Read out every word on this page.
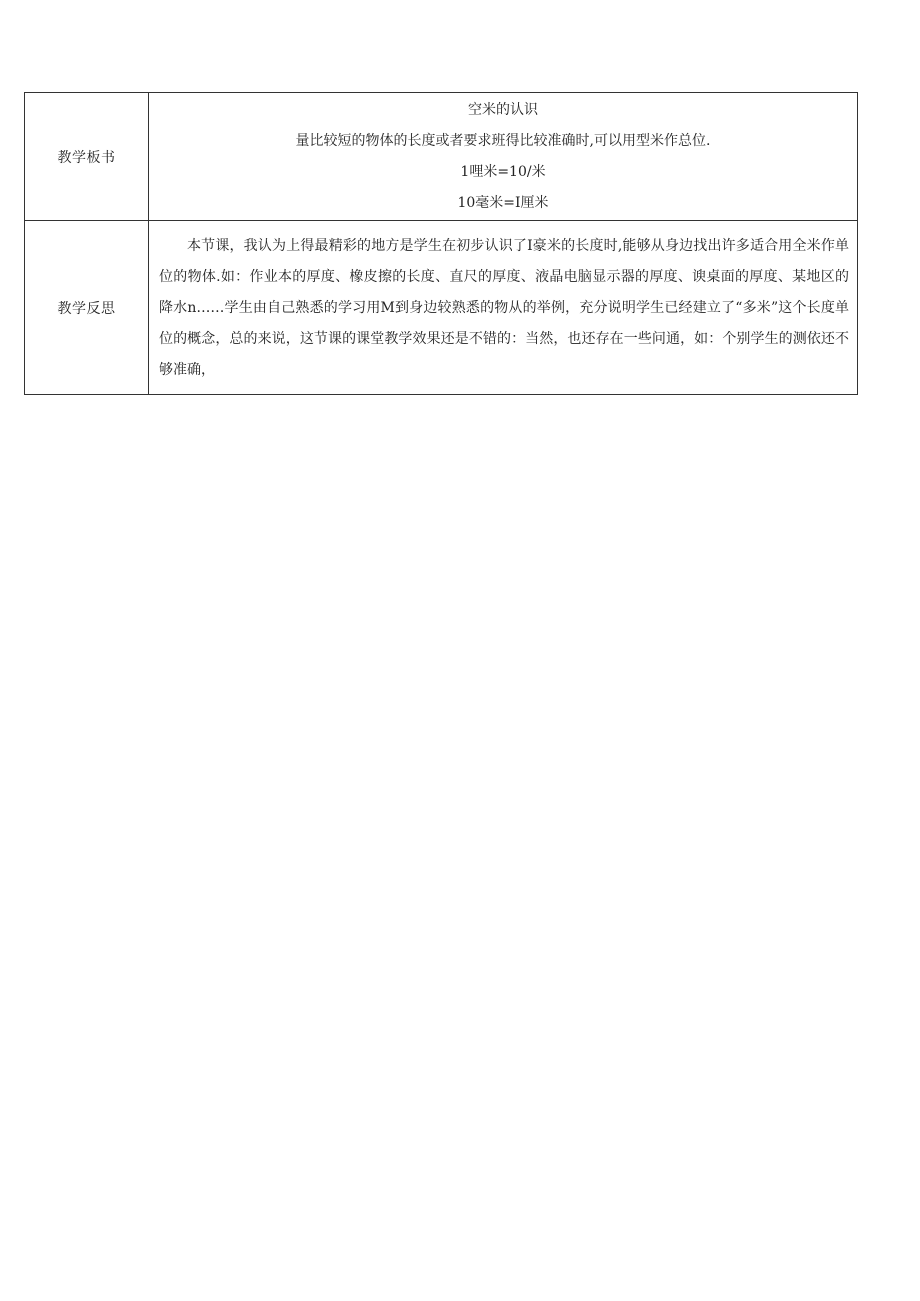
教学板书	空米的认识
量比较短的物体的长度或者要求班得比较准确时,可以用型米作总位.
1哩米=10/米
10毫米=I厘米

教学反思	本节课，我认为上得最精彩的地方是学生在初步认识了I豪米的长度时,能够从身边找出许多适合用全米作单位的物体.如：作业本的厚度、橡皮擦的长度、直尺的厚度、液晶电脑显示器的厚度、谀桌面的厚度、某地区的降水n……学生由自己熟悉的学习用M到身边较熟悉的物从的举例，充分说明学生已经建立了“多米”这个长度单位的概念，总的来说，这节课的课堂教学效果还是不错的：当然，也还存在一些问通，如：个别学生的测依还不够准确，
